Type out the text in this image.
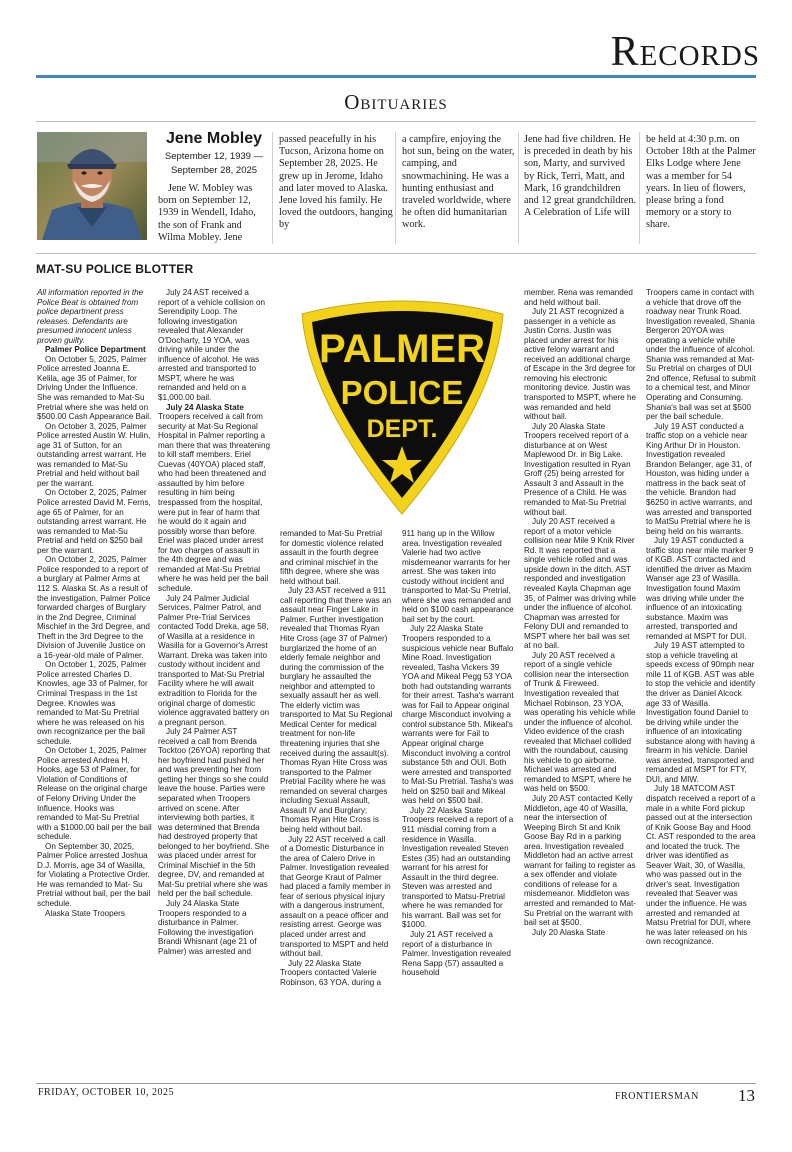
Records
Obituaries
Jene Mobley
September 12, 1939 — September 28, 2025

Jene W. Mobley was born on September 12, 1939 in Wendell, Idaho, the son of Frank and Wilma Mobley. Jene

passed peacefully in his Tucson, Arizona home on September 28, 2025. He grew up in Jerome, Idaho and later moved to Alaska. Jene loved his family. He loved the outdoors, hanging by

a campfire, enjoying the hot sun, being on the water, camping, and snowmachining. He was a hunting enthusiast and traveled worldwide, where he often did humanitarian work.

Jene had five children. He is preceded in death by his son, Marty, and survived by Rick, Terri, Matt, and Mark, 16 grandchildren and 12 great grandchildren. A Celebration of Life will

be held at 4:30 p.m. on October 18th at the Palmer Elks Lodge where Jene was a member for 54 years. In lieu of flowers, please bring a fond memory or a story to share.

MAT-SU POLICE BLOTTER

All information reported in the Police Beat is obtained from police department press releases. Defendants are presumed innocent unless proven guilty.

Palmer Police Department

On October 5, 2025, Palmer Police arrested Joanna E. Kelila, age 35 of Palmer, for Driving Under the Influence. She was remanded to Mat-Su Pretrial where she was held on $500.00 Cash Appearance Bail.

On October 3, 2025, Palmer Police arrested Austin W. Hulin, age 31 of Sutton, for an outstanding arrest warrant. He was remanded to Mat-Su Pretrial and held without bail per the warrant.

On October 2, 2025, Palmer Police arrested David M. Ferns, age 65 of Palmer, for an outstanding arrest warrant. He was remanded to Mat-Su Pretrial and held on $250 bail per the warrant.

On October 2, 2025, Palmer Police responded to a report of a burglary at Palmer Arms at 112 S. Alaska St. As a result of the investigation, Palmer Police forwarded charges of Burglary in the 2nd Degree, Criminal Mischief in the 3rd Degree, and Theft in the 3rd Degree to the Division of Juvenile Justice on a 16-year-old male of Palmer.

On October 1, 2025, Palmer Police arrested Charles D. Knowles, age 33 of Palmer, for Criminal Trespass in the 1st Degree. Knowles was remanded to Mat-Su Pretrial where he was released on his own recognizance per the bail schedule.

On October 1, 2025, Palmer Police arrested Andrea H. Hooks, age 53 of Palmer, for Violation of Conditions of Release on the original charge of Felony Driving Under the Influence. Hooks was remanded to Mat-Su Pretrial with a $1000.00 bail per the bail schedule.

On September 30, 2025, Palmer Police arrested Joshua D.J. Morris, age 34 of Wasilla, for Violating a Protective Order. He was remanded to Mat- Su Pretrial without bail, per the bail schedule.

Alaska State Troopers

July 24 AST received a report of a vehicle collision on Serendipity Loop. The following investigation revealed that Alexander O'Docharty, 19 YOA, was driving while under the influence of alcohol. He was arrested and transported to MSPT, where he was remanded and held on a $1,000.00 bail.

July 24 Alaska State Troopers received a call from security at Mat-Su Regional Hospital in Palmer reporting a man there that was threatening to kill staff members. Eriel Cuevas (40YOA) placed staff, who had been threatened and assaulted by him before resulting in him being trespassed from the hospital, were put in fear of harm that he would do it again and possibly worse than before. Eriel was placed under arrest for two charges of assault in the 4th degree and was remanded at Mat-Su Pretrial where he was held per the bail schedule.

July 24 Palmer Judicial Services, Palmer Patrol, and Palmer Pre-Trial Services contacted Todd Dreka, age 58, of Wasilla at a residence in Wasilla for a Governor's Arrest Warrant. Dreka was taken into custody without incident and transported to Mat-Su Pretrial Facility where he will await extradition to Florida for the original charge of domestic violence aggravated battery on a pregnant person.

July 24 Palmer AST received a call from Brenda Tocktoo (26YOA) reporting that her boyfriend had pushed her and was preventing her from getting her things so she could leave the house. Parties were separated when Troopers arrived on scene. After interviewing both parties, it was determined that Brenda had destroyed property that belonged to her boyfriend. She was placed under arrest for Criminal Mischief in the 5th degree, DV, and remanded at Mat-Su pretrial where she was held per the bail schedule.

July 24 Alaska State Troopers responded to a disturbance in Palmer. Following the investigation Brandi Whisnant (age 21 of Palmer) was arrested and

PALMER
POLICE
DEPT.

remanded to Mat-Su Pretrial for domestic violence related assault in the fourth degree and criminal mischief in the fifth degree, where she was held without bail.

July 23 AST received a 911 call reporting that there was an assault near Finger Lake in Palmer. Further investigation revealed that Thomas Ryan Hite Cross (age 37 of Palmer) burglarized the home of an elderly female neighbor and during the commission of the burglary he assaulted the neighbor and attempted to sexually assault her as well. The elderly victim was transported to Mat Su Regional Medical Center for medical treatment for non-life threatening injuries that she received during the assault(s). Thomas Ryan Hite Cross was transported to the Palmer Pretrial Facility where he was remanded on several charges including Sexual Assault, Assault IV and Burglary; Thomas Ryan Hite Cross is being held without bail.

July 22 AST received a call of a Domestic Disturbance in the area of Calero Drive in Palmer. Investigation revealed that George Kraut of Palmer had placed a family member in fear of serious physical injury with a dangerous instrument, assault on a peace officer and resisting arrest. George was placed under arrest and transported to MSPT and held without bail.

July 22 Alaska State Troopers contacted Valerie Robinson, 63 YOA, during a

911 hang up in the Willow area. Investigation revealed Valerie had two active misdemeanor warrants for her arrest. She was taken into custody without incident and transported to Mat-Su Pretrial, where she was remanded and held on $100 cash appearance bail set by the court.

July 22 Alaska State Troopers responded to a suspicious vehicle near Buffalo Mine Road. Investigation revealed, Tasha Vickers 39 YOA and Mikeal Pegg 53 YOA both had outstanding warrants for their arrest. Tasha's warrant was for Fail to Appear original charge Misconduct involving a control substance 5th. Mikeal's warrants were for Fail to Appear original charge Misconduct involving a control substance 5th and OUI. Both were arrested and transported to Mat-Su Pretrial. Tasha's was held on $250 bail and Mikeal was held on $500 bail.

July 22 Alaska State Troopers received a report of a 911 misdial coming from a residence in Wasilla. Investigation revealed Steven Estes (35) had an outstanding warrant for his arrest for Assault in the third degree. Steven was arrested and transported to Matsu-Pretrial where he was remanded for his warrant. Bail was set for $1000.

July 21 AST received a report of a disturbance in Palmer. Investigation revealed Rena Sapp (57) assaulted a household

member. Rena was remanded and held without bail.

July 21 AST recognized a passenger in a vehicle as Justin Corns. Justin was placed under arrest for his active felony warrant and received an additional charge of Escape in the 3rd degree for removing his electronic monitoring device. Justin was transported to MSPT, where he was remanded and held without bail.

July 20 Alaska State Troopers received report of a disturbance at on West Maplewood Dr. in Big Lake. Investigation resulted in Ryan Groff (25) being arrested for Assault 3 and Assault in the Presence of a Child. He was remanded to Mat-Su Pretrial without bail.

July 20 AST received a report of a motor vehicle collision near Mile 9 Knik River Rd. It was reported that a single vehicle rolled and was upside down in the ditch. AST responded and investigation revealed Kayla Chapman age 35, of Palmer was driving while under the influence of alcohol. Chapman was arrested for Felony DUI and remanded to MSPT where her bail was set at no bail.

July 20 AST received a report of a single vehicle collision near the intersection of Trunk & Fireweed. Investigation revealed that Michael Robinson, 23 YOA, was operating his vehicle while under the influence of alcohol. Video evidence of the crash revealed that Michael collided with the roundabout, causing his vehicle to go airborne. Michael was arrested and remanded to MSPT, where he was held on $500.

July 20 AST contacted Kelly Middleton, age 40 of Wasilla, near the intersection of Weeping Birch St and Knik Goose Bay Rd in a parking area. Investigation revealed Middleton had an active arrest warrant for failing to register as a sex offender and violate conditions of release for a misdemeanor. Middleton was arrested and remanded to Mat-Su Pretrial on the warrant with bail set at $500.

July 20 Alaska State

Troopers came in contact with a vehicle that drove off the roadway near Trunk Road. Investigation revealed, Shania Bergeron 20YOA was operating a vehicle while under the influence of alcohol. Shania was remanded at Mat-Su Pretrial on charges of DUI 2nd offence, Refusal to submit to a chemical test, and Minor Operating and Consuming. Shania's bail was set at $500 per the bail schedule.

July 19 AST conducted a traffic stop on a vehicle near King Arthur Dr in Houston. Investigation revealed Brandon Belanger, age 31, of Houston, was hiding under a mattress in the back seat of the vehicle. Brandon had $6250 in active warrants, and was arrested and transported to MatSu Pretrial where he is being held on his warrants.

July 19 AST conducted a traffic stop near mile marker 9 of KGB. AST contacted and identified the driver as Maxim Wanser age 23 of Wasilla. Investigation found Maxim was driving while under the influence of an intoxicating substance. Maxim was arrested, transported and remanded at MSPT for DUI.

July 19 AST attempted to stop a vehicle traveling at speeds excess of 90mph near mile 11 of KGB. AST was able to stop the vehicle and identify the driver as Daniel Alcock age 33 of Wasilla. Investigation found Daniel to be driving while under the influence of an intoxicating substance along with having a firearm in his vehicle. Daniel was arrested, transported and remanded at MSPT for FTY, DUI, and MIW.

July 18 MATCOM AST dispatch received a report of a male in a white Ford pickup passed out at the intersection of Knik Goose Bay and Hood Ct. AST responded to the area and located the truck. The driver was identified as Seaver Wait, 30, of Wasilla, who was passed out in the driver's seat. Investigation revealed that Seaver was under the influence. He was arrested and remanded at Matsu Pretrial for DUI, where he was later released on his own recognizance.

FRIDAY, OCTOBER 10, 2025	FRONTIERSMAN 13
